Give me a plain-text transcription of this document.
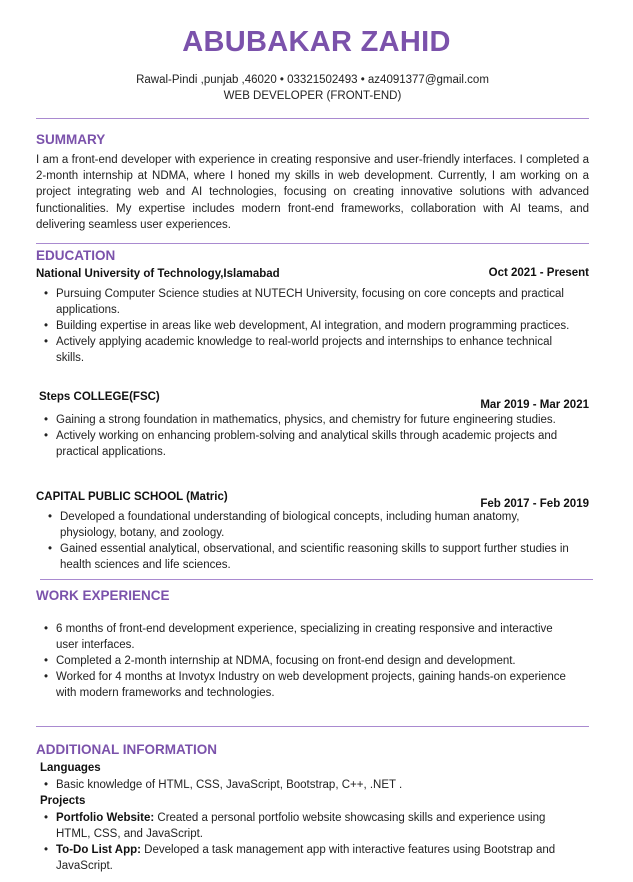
ABUBAKAR ZAHID
Rawal-Pindi ,punjab ,46020 • 03321502493 • az4091377@gmail.com
WEB DEVELOPER (FRONT-END)
SUMMARY
I am a front-end developer with experience in creating responsive and user-friendly interfaces. I completed a 2-month internship at NDMA, where I honed my skills in web development. Currently, I am working on a project integrating web and AI technologies, focusing on creating innovative solutions with advanced functionalities. My expertise includes modern front-end frameworks, collaboration with AI teams, and delivering seamless user experiences.
EDUCATION
National University of Technology,Islamabad	Oct 2021 - Present
• Pursuing Computer Science studies at NUTECH University, focusing on core concepts and practical applications.
• Building expertise in areas like web development, AI integration, and modern programming practices.
• Actively applying academic knowledge to real-world projects and internships to enhance technical skills.
Steps COLLEGE(FSC)
Mar 2019 - Mar 2021
• Gaining a strong foundation in mathematics, physics, and chemistry for future engineering studies.
• Actively working on enhancing problem-solving and analytical skills through academic projects and practical applications.
CAPITAL PUBLIC SCHOOL (Matric)
Feb 2017 - Feb 2019
• Developed a foundational understanding of biological concepts, including human anatomy, physiology, botany, and zoology.
• Gained essential analytical, observational, and scientific reasoning skills to support further studies in health sciences and life sciences.
WORK EXPERIENCE
• 6 months of front-end development experience, specializing in creating responsive and interactive user interfaces.
• Completed a 2-month internship at NDMA, focusing on front-end design and development.
• Worked for 4 months at Invotyx Industry on web development projects, gaining hands-on experience with modern frameworks and technologies.
ADDITIONAL INFORMATION
Languages
• Basic knowledge of HTML, CSS, JavaScript, Bootstrap, C++, .NET .
Projects
• Portfolio Website: Created a personal portfolio website showcasing skills and experience using HTML, CSS, and JavaScript.
• To-Do List App: Developed a task management app with interactive features using Bootstrap and JavaScript.
